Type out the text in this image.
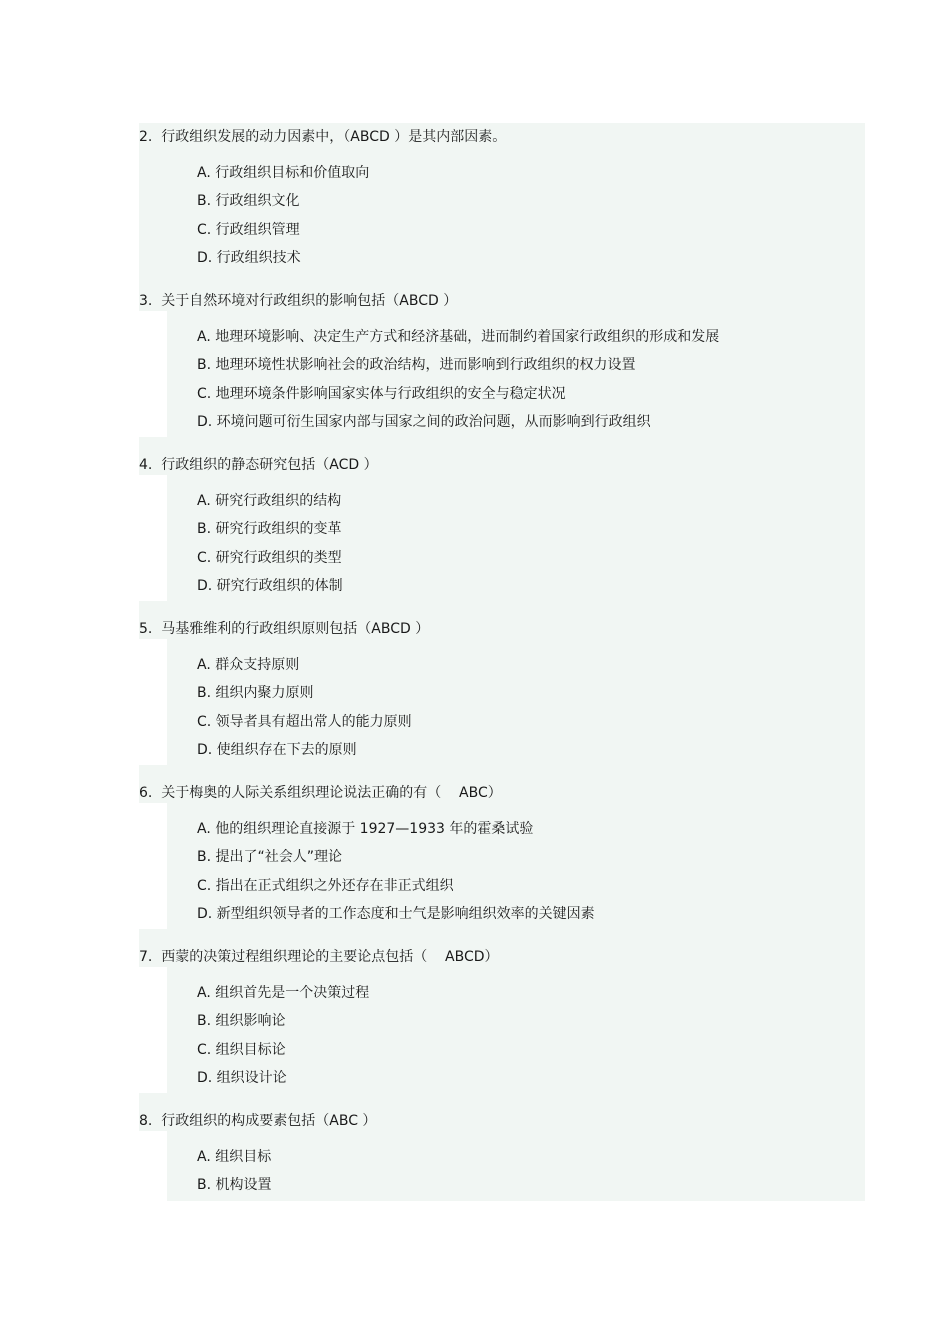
2.  行政组织发展的动力因素中，（ABCD ）是其内部因素。
A. 行政组织目标和价值取向
B. 行政组织文化
C. 行政组织管理
D. 行政组织技术
3.  关于自然环境对行政组织的影响包括（ABCD ）
A. 地理环境影响、决定生产方式和经济基础，进而制约着国家行政组织的形成和发展
B. 地理环境性状影响社会的政治结构，进而影响到行政组织的权力设置
C. 地理环境条件影响国家实体与行政组织的安全与稳定状况
D. 环境问题可衍生国家内部与国家之间的政治问题，从而影响到行政组织
4.  行政组织的静态研究包括（ACD ）
A. 研究行政组织的结构
B. 研究行政组织的变革
C. 研究行政组织的类型
D. 研究行政组织的体制
5.  马基雅维利的行政组织原则包括（ABCD ）
A. 群众支持原则
B. 组织内聚力原则
C. 领导者具有超出常人的能力原则
D. 使组织存在下去的原则
6.  关于梅奥的人际关系组织理论说法正确的有（    ABC）
A. 他的组织理论直接源于 1927—1933 年的霍桑试验
B. 提出了“社会人”理论
C. 指出在正式组织之外还存在非正式组织
D. 新型组织领导者的工作态度和士气是影响组织效率的关键因素
7.  西蒙的决策过程组织理论的主要论点包括（    ABCD）
A. 组织首先是一个决策过程
B. 组织影响论
C. 组织目标论
D. 组织设计论
8.  行政组织的构成要素包括（ABC ）
A. 组织目标
B. 机构设置
